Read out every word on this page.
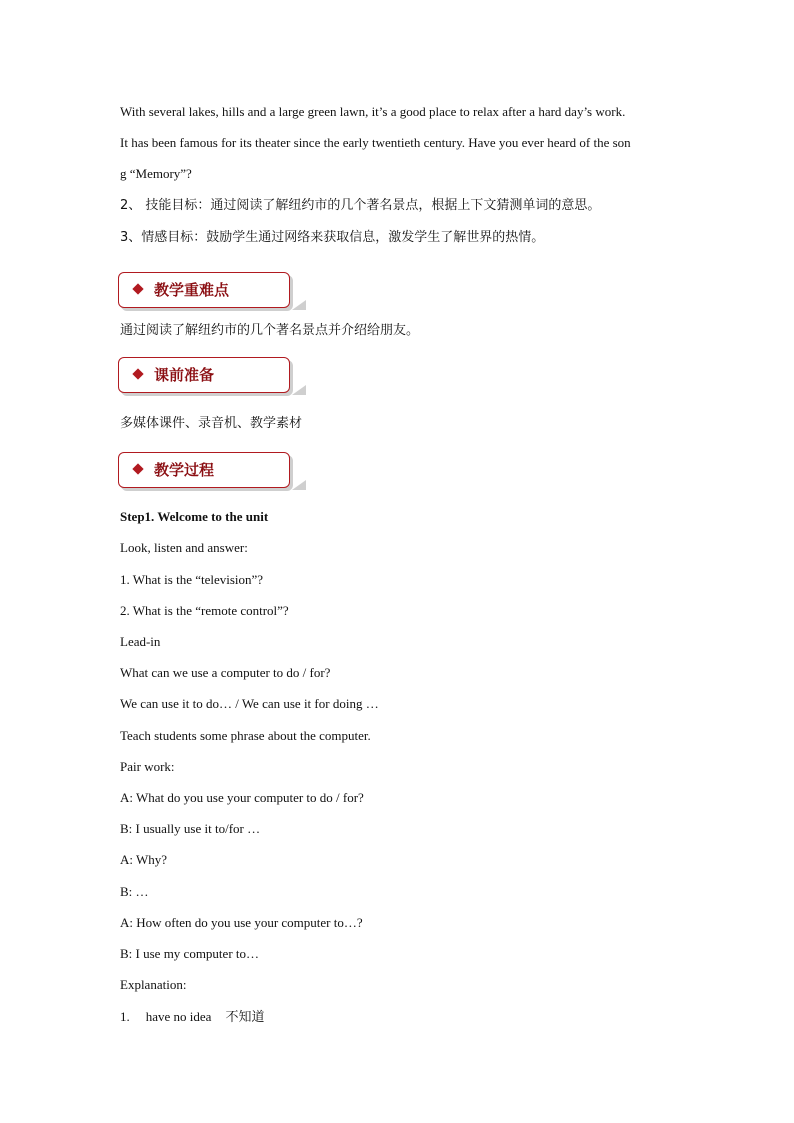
With several lakes, hills and a large green lawn, it’s a good place to relax after a hard day’s work.
It has been famous for its theater since the early twentieth century. Have you ever heard of the son
g “Memory”?
2、 技能目标：通过阅读了解纽约市的几个著名景点，根据上下文猜测单词的意思。
3、情感目标：鼓励学生通过网络来获取信息，激发学生了解世界的热情。
教学重难点
通过阅读了解纽约市的几个著名景点并介绍给朋友。
课前准备
多媒体课件、录音机、教学素材
教学过程
Step1. Welcome to the unit
Look, listen and answer:
1. What is the “television”?
2. What is the “remote control”?
Lead-in
What can we use a computer to do / for?
We can use it to do… / We can use it for doing …
Teach students some phrase about the computer.
Pair work:
A: What do you use your computer to do / for?
B: I usually use it to/for …
A: Why?
B: …
A: How often do you use your computer to…?
B: I use my computer to…
Explanation:
1. have no idea 不知道
